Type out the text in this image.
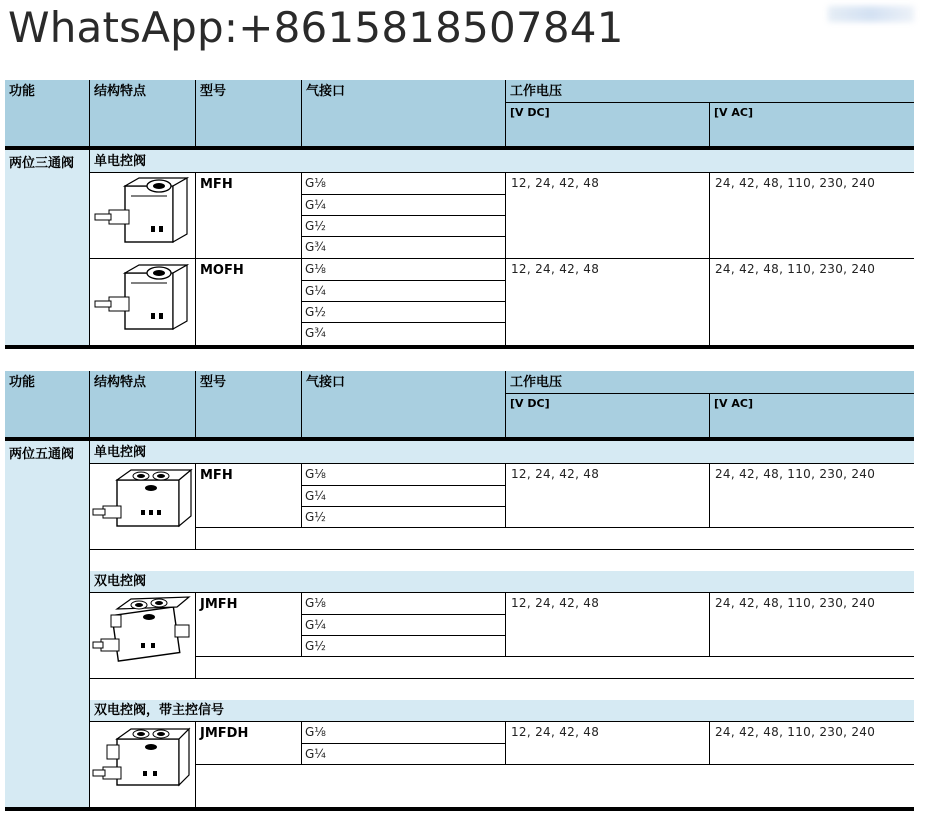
WhatsApp:+8615818507841
功能	结构特点	型号	气接口	工作电压
[V DC]	[V AC]
两位三通阀	单电控阀
MFH	G⅛
G¼
G½
G¾
12, 24, 42, 48	24, 42, 48, 110, 230, 240
MOFH	G⅛
G¼
G½
G¾
12, 24, 42, 48	24, 42, 48, 110, 230, 240
功能	结构特点	型号	气接口	工作电压
[V DC]	[V AC]
两位五通阀	单电控阀
MFH	G⅛
G¼
G½
12, 24, 42, 48	24, 42, 48, 110, 230, 240
双电控阀
JMFH	G⅛
G¼
G½
12, 24, 42, 48	24, 42, 48, 110, 230, 240
双电控阀，带主控信号
JMFDH	G⅛
G¼
12, 24, 42, 48	24, 42, 48, 110, 230, 240
